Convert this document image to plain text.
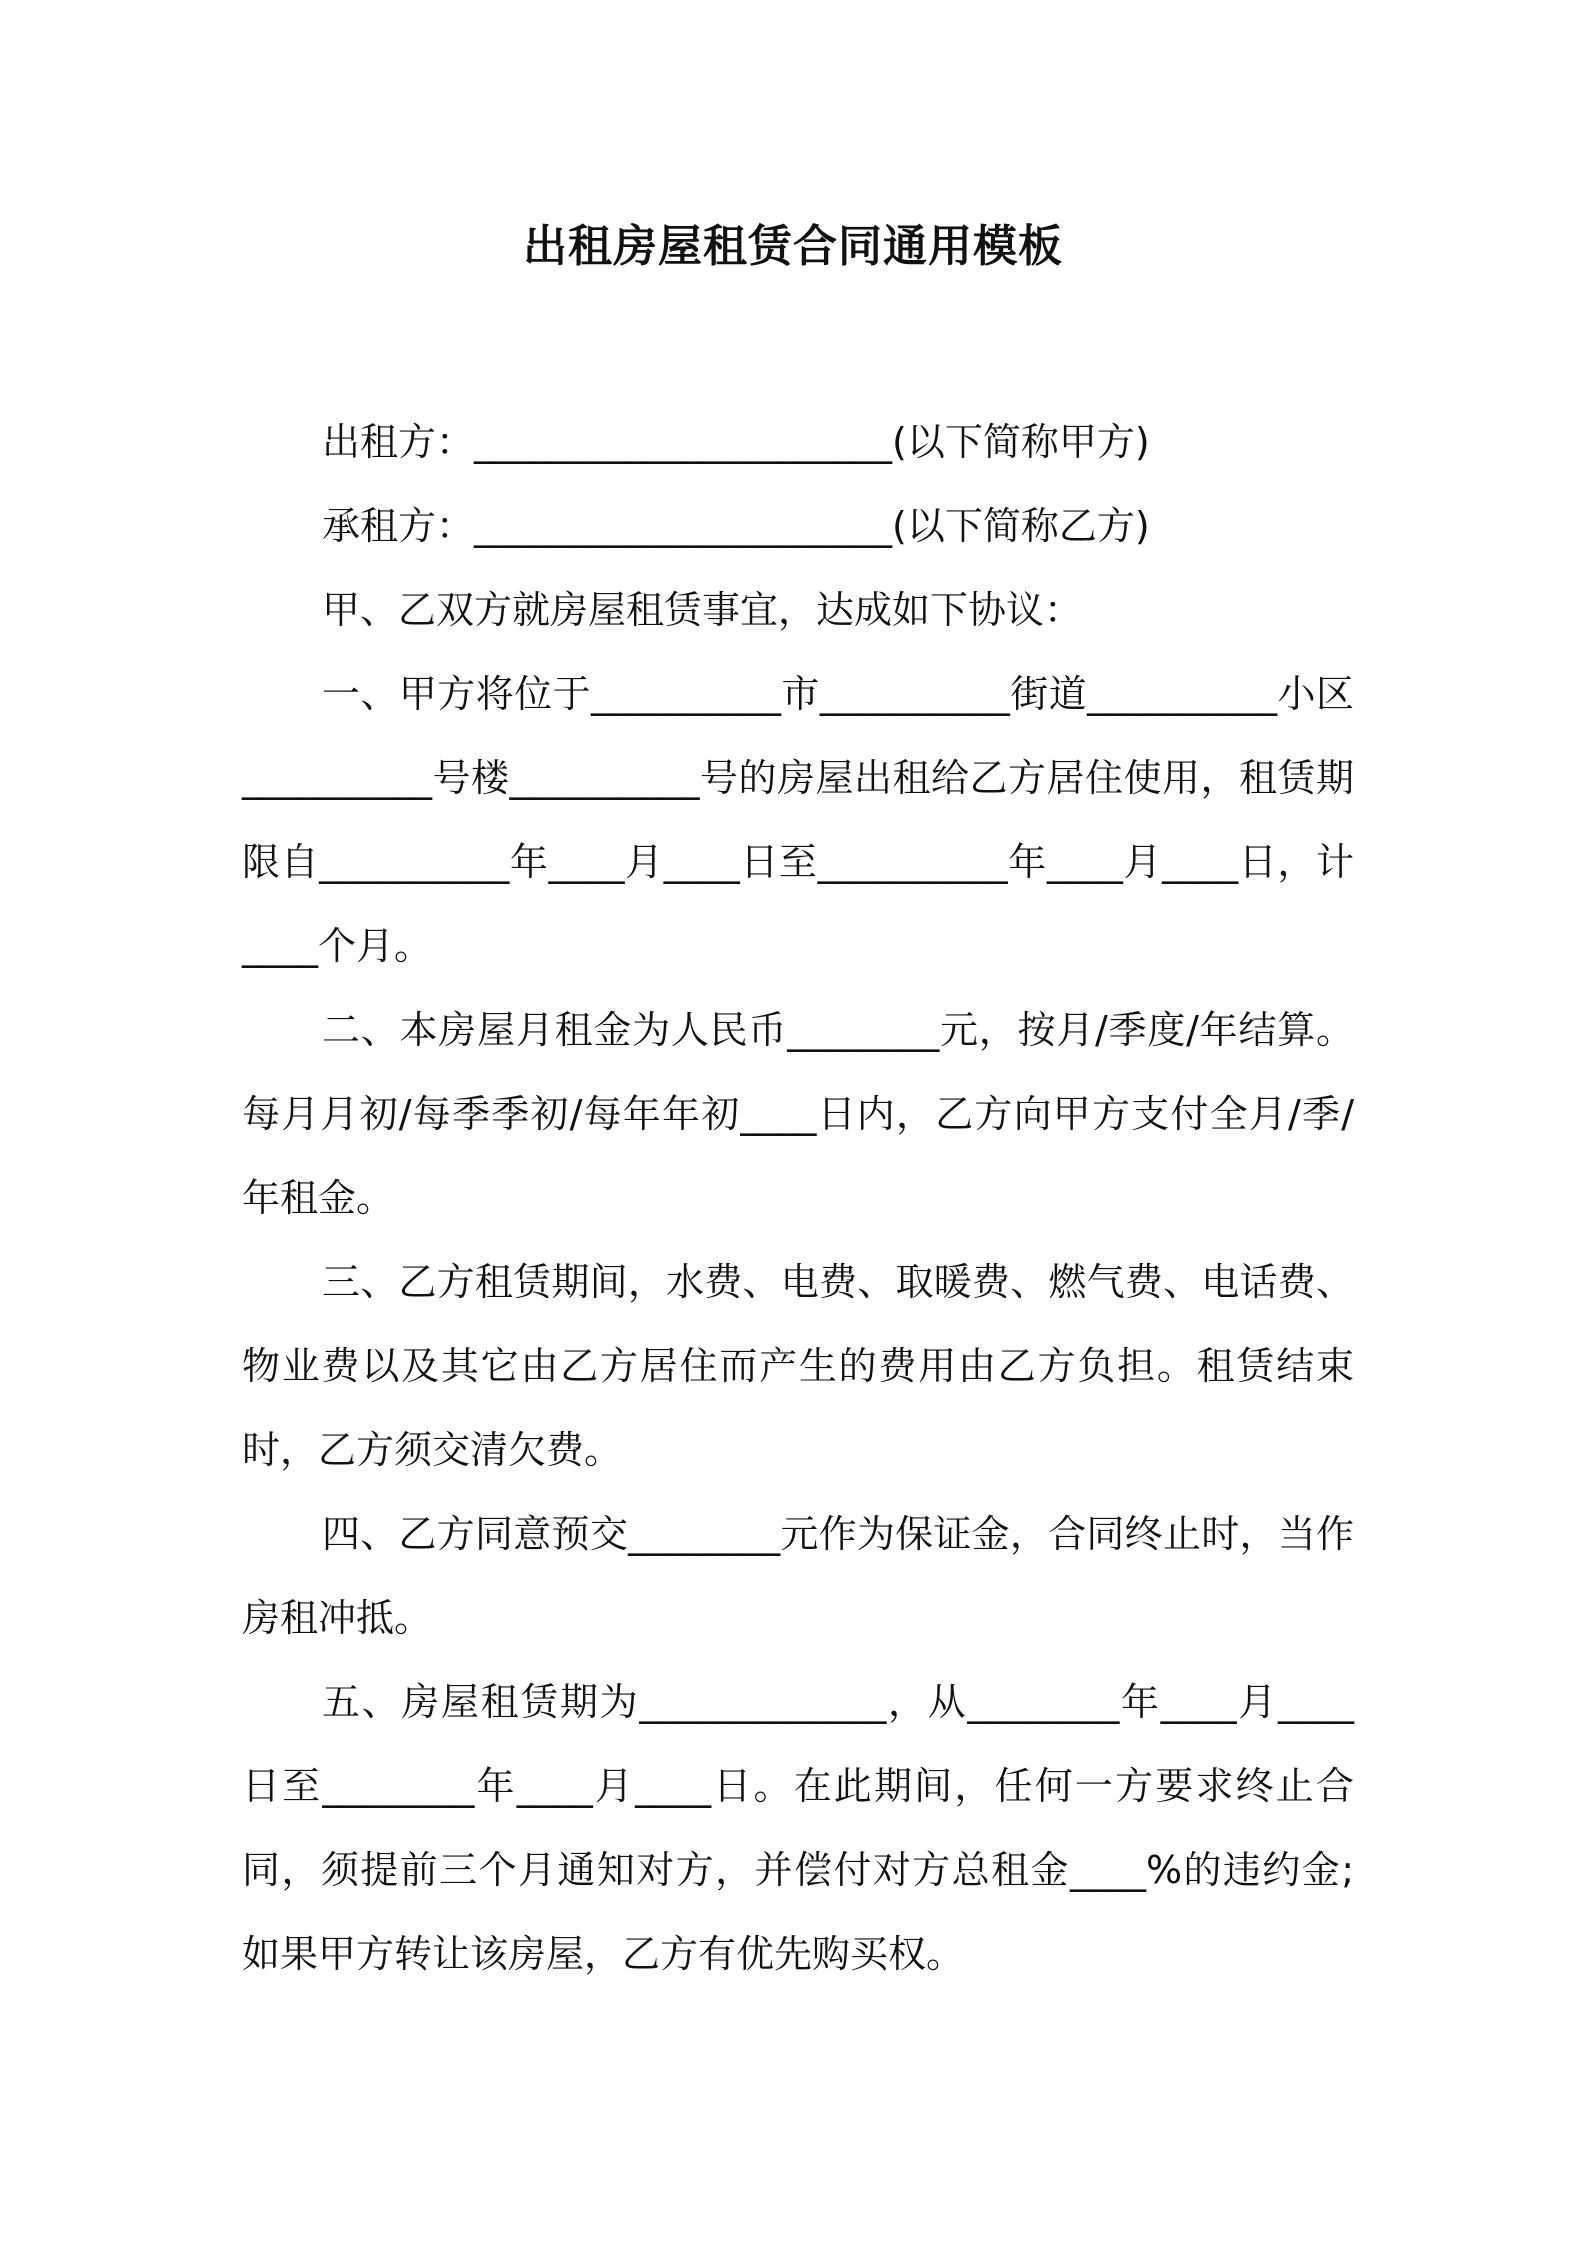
出租房屋租赁合同通用模板

出租方：______________________(以下简称甲方)

承租方：______________________(以下简称乙方)

甲、乙双方就房屋租赁事宜，达成如下协议：

一、甲方将位于__________市__________街道__________小区__________号楼__________号的房屋出租给乙方居住使用，租赁期限自__________年____月____日至__________年____月____日，计____个月。

二、本房屋月租金为人民币________元，按月/季度/年结算。每月月初/每季季初/每年年初____日内，乙方向甲方支付全月/季/年租金。

三、乙方租赁期间，水费、电费、取暖费、燃气费、电话费、物业费以及其它由乙方居住而产生的费用由乙方负担。租赁结束时，乙方须交清欠费。

四、乙方同意预交________元作为保证金，合同终止时，当作房租冲抵。

五、房屋租赁期为_____________，从________年____月____日至________年____月____日。在此期间，任何一方要求终止合同，须提前三个月通知对方，并偿付对方总租金____%的违约金;如果甲方转让该房屋，乙方有优先购买权。
